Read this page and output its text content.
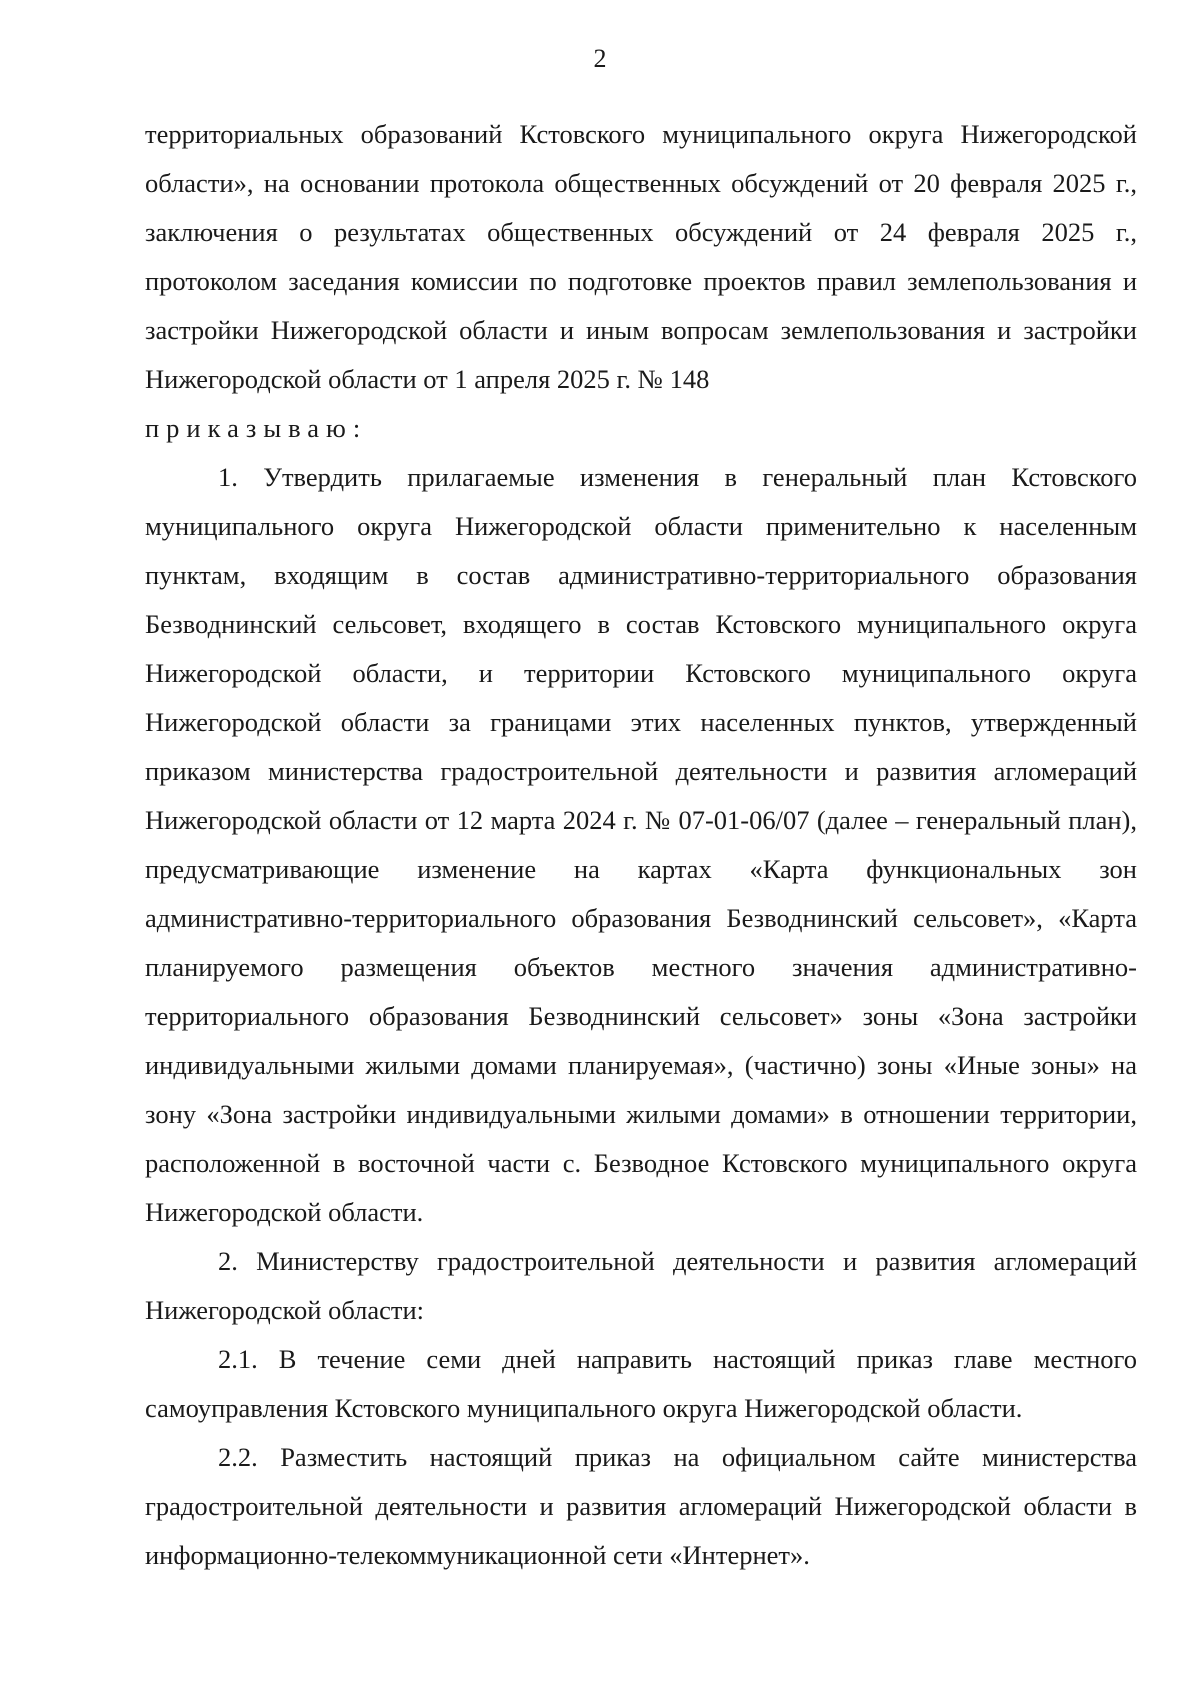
2

территориальных образований Кстовского муниципального округа Нижегородской области», на основании протокола общественных обсуждений от 20 февраля 2025 г., заключения о результатах общественных обсуждений от 24 февраля 2025 г., протоколом заседания комиссии по подготовке проектов правил землепользования и застройки Нижегородской области и иным вопросам землепользования и застройки Нижегородской области от 1 апреля 2025 г. № 148

приказываю:

1. Утвердить прилагаемые изменения в генеральный план Кстовского муниципального округа Нижегородской области применительно к населенным пунктам, входящим в состав административно-территориального образования Безводнинский сельсовет, входящего в состав Кстовского муниципального округа Нижегородской области, и территории Кстовского муниципального округа Нижегородской области за границами этих населенных пунктов, утвержденный приказом министерства градостроительной деятельности и развития агломераций Нижегородской области от 12 марта 2024 г. № 07-01-06/07 (далее – генеральный план), предусматривающие изменение на картах «Карта функциональных зон административно-территориального образования Безводнинский сельсовет», «Карта планируемого размещения объектов местного значения административно-территориального образования Безводнинский сельсовет» зоны «Зона застройки индивидуальными жилыми домами планируемая», (частично) зоны «Иные зоны» на зону «Зона застройки индивидуальными жилыми домами» в отношении территории, расположенной в восточной части с. Безводное Кстовского муниципального округа Нижегородской области.

2. Министерству градостроительной деятельности и развития агломераций Нижегородской области:

2.1. В течение семи дней направить настоящий приказ главе местного самоуправления Кстовского муниципального округа Нижегородской области.

2.2. Разместить настоящий приказ на официальном сайте министерства градостроительной деятельности и развития агломераций Нижегородской области в информационно-телекоммуникационной сети «Интернет».
